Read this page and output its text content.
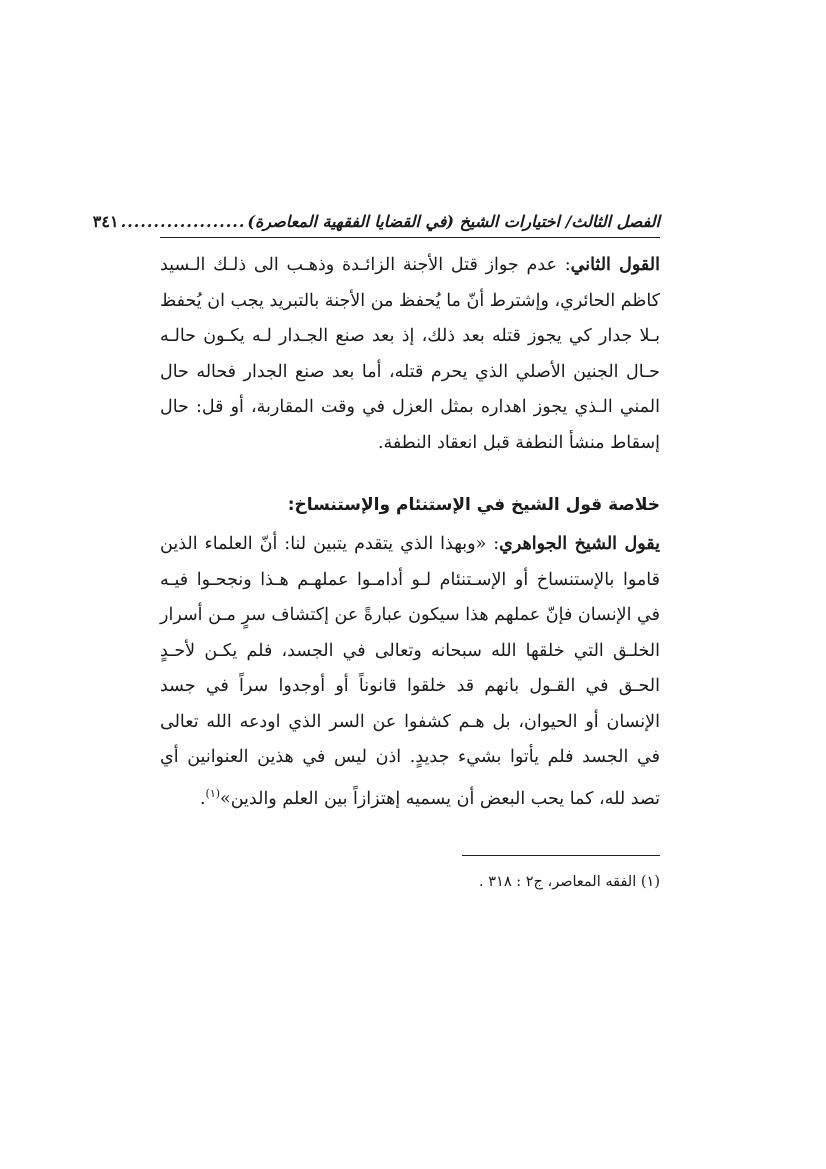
الفصل الثالث/ اختيارات الشيخ (في القضايا الفقهية المعاصرة)
...................
٣٤١

القول الثاني: عدم جواز قتل الأجنة الزائـدة وذهـب الى ذلـك الـسيد كاظم الحائري، وإشترط أنّ ما يُحفظ من الأجنة بالتبريد يجب ان يُحفظ بـلا جدار كي يجوز قتله بعد ذلك، إذ بعد صنع الجـدار لـه يكـون حالـه حـال الجنين الأصلي الذي يحرم قتله، أما بعد صنع الجدار فحاله حال المني الـذي يجوز اهداره بمثل العزل في وقت المقاربة، أو قل: حال إسقاط منشأ النطفة قبل انعقاد النطفة.

خلاصة قول الشيخ في الإستنئام والإستنساخ:

يقول الشيخ الجواهري: «وبهذا الذي يتقدم يتبين لنا: أنّ العلماء الذين قاموا بالإستنساخ أو الإسـتنئام لـو أدامـوا عملهـم هـذا ونجحـوا فيـه في الإنسان فإنّ عملهم هذا سيكون عبارةً عن إكتشاف سرٍ مـن أسرار الخلـق التي خلقها الله سبحانه وتعالى في الجسد، فلم يكـن لأحـدٍ الحـق في القـول بانهم قد خلقوا قانوناً أو أوجدوا سراً في جسد الإنسان أو الحيوان، بل هـم كشفوا عن السر الذي اودعه الله تعالى في الجسد فلم يأتوا بشيء جديدٍ. اذن ليس في هذين العنوانين أي تصد لله، كما يحب البعض أن يسميه إهتزازاً بين العلم والدين»$^{(١)}$.

(١) الفقه المعاصر، ج٢ : ٣١٨ .
